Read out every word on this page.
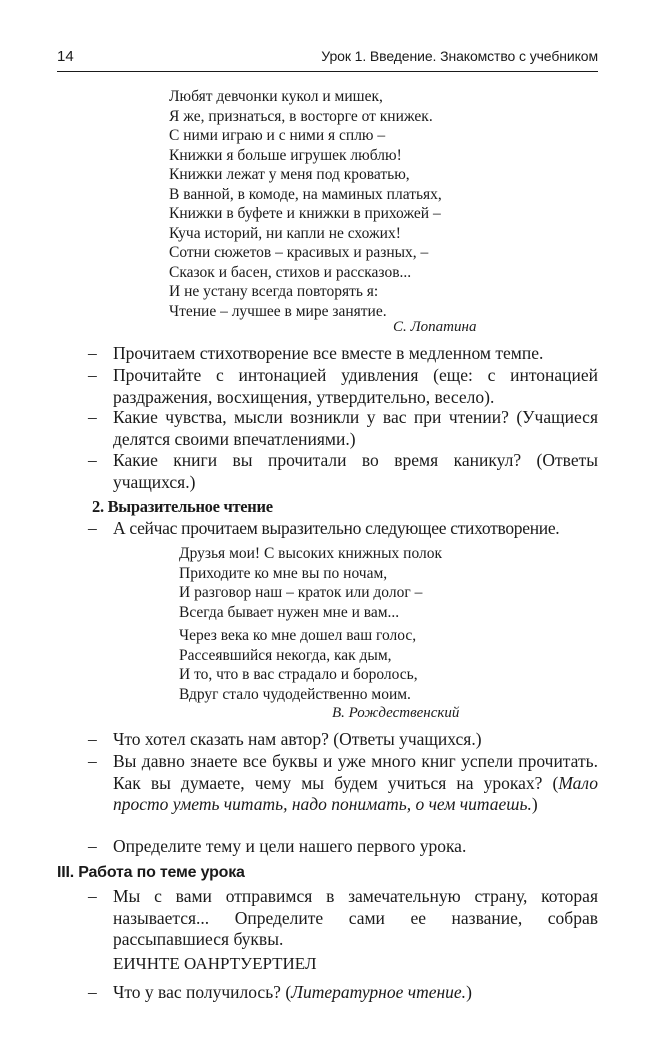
14	Урок 1. Введение. Знакомство с учебником
Любят девчонки кукол и мишек,
Я же, признаться, в восторге от книжек.
С ними играю и с ними я сплю –
Книжки я больше игрушек люблю!
Книжки лежат у меня под кроватью,
В ванной, в комоде, на маминых платьях,
Книжки в буфете и книжки в прихожей –
Куча историй, ни капли не схожих!
Сотни сюжетов – красивых и разных, –
Сказок и басен, стихов и рассказов...
И не устану всегда повторять я:
Чтение – лучшее в мире занятие.
С. Лопатина
– Прочитаем стихотворение все вместе в медленном темпе.
– Прочитайте с интонацией удивления (еще: с интонацией раздражения, восхищения, утвердительно, весело).
– Какие чувства, мысли возникли у вас при чтении? (Учащиеся делятся своими впечатлениями.)
– Какие книги вы прочитали во время каникул? (Ответы учащихся.)
2. Выразительное чтение
– А сейчас прочитаем выразительно следующее стихотворение.
Друзья мои! С высоких книжных полок
Приходите ко мне вы по ночам,
И разговор наш – краток или долог –
Всегда бывает нужен мне и вам...
Через века ко мне дошел ваш голос,
Рассеявшийся некогда, как дым,
И то, что в вас страдало и боролось,
Вдруг стало чудодейственно моим.
В. Рождественский
– Что хотел сказать нам автор? (Ответы учащихся.)
– Вы давно знаете все буквы и уже много книг успели прочитать. Как вы думаете, чему мы будем учиться на уроках? (Мало просто уметь читать, надо понимать, о чем читаешь.)
– Определите тему и цели нашего первого урока.
III. Работа по теме урока
– Мы с вами отправимся в замечательную страну, которая называется... Определите сами ее название, собрав рассыпавшиеся буквы.
ЕИЧНТЕ ОАНРТУЕРТИЕЛ
– Что у вас получилось? (Литературное чтение.)
